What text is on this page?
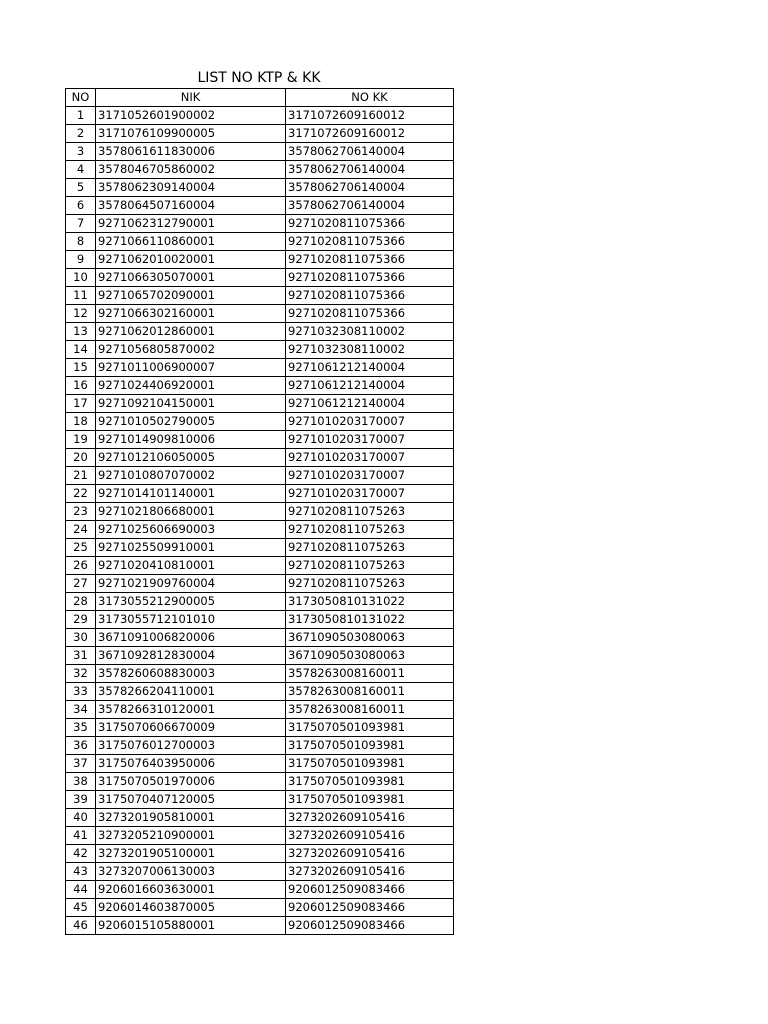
LIST NO KTP & KK
NO	NIK	NO KK
1	3171052601900002	3171072609160012
2	3171076109900005	3171072609160012
3	3578061611830006	3578062706140004
4	3578046705860002	3578062706140004
5	3578062309140004	3578062706140004
6	3578064507160004	3578062706140004
7	9271062312790001	9271020811075366
8	9271066110860001	9271020811075366
9	9271062010020001	9271020811075366
10	9271066305070001	9271020811075366
11	9271065702090001	9271020811075366
12	9271066302160001	9271020811075366
13	9271062012860001	9271032308110002
14	9271056805870002	9271032308110002
15	9271011006900007	9271061212140004
16	9271024406920001	9271061212140004
17	9271092104150001	9271061212140004
18	9271010502790005	9271010203170007
19	9271014909810006	9271010203170007
20	9271012106050005	9271010203170007
21	9271010807070002	9271010203170007
22	9271014101140001	9271010203170007
23	9271021806680001	9271020811075263
24	9271025606690003	9271020811075263
25	9271025509910001	9271020811075263
26	9271020410810001	9271020811075263
27	9271021909760004	9271020811075263
28	3173055212900005	3173050810131022
29	3173055712101010	3173050810131022
30	3671091006820006	3671090503080063
31	3671092812830004	3671090503080063
32	3578260608830003	3578263008160011
33	3578266204110001	3578263008160011
34	3578266310120001	3578263008160011
35	3175070606670009	3175070501093981
36	3175076012700003	3175070501093981
37	3175076403950006	3175070501093981
38	3175070501970006	3175070501093981
39	3175070407120005	3175070501093981
40	3273201905810001	3273202609105416
41	3273205210900001	3273202609105416
42	3273201905100001	3273202609105416
43	3273207006130003	3273202609105416
44	9206016603630001	9206012509083466
45	9206014603870005	9206012509083466
46	9206015105880001	9206012509083466
